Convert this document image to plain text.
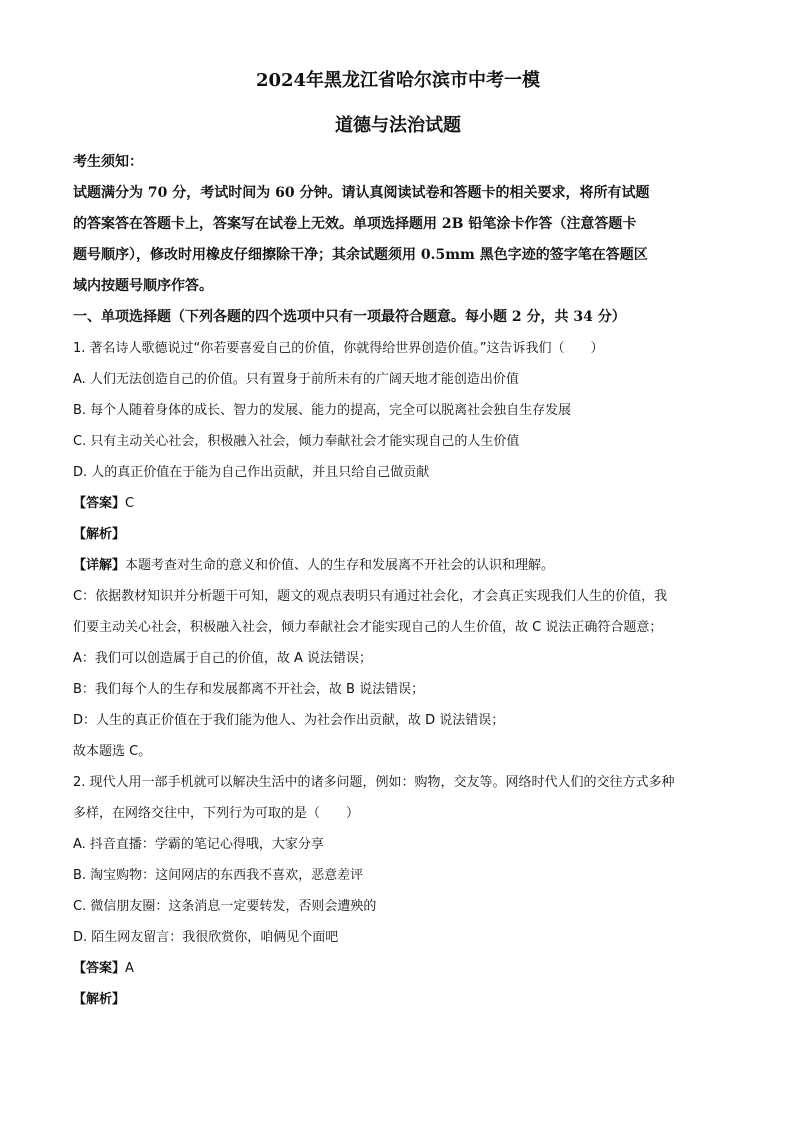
2024年黑龙江省哈尔滨市中考一模

道德与法治试题

考生须知：

试题满分为 70 分，考试时间为 60 分钟。请认真阅读试卷和答题卡的相关要求，将所有试题

的答案答在答题卡上，答案写在试卷上无效。单项选择题用 2B 铅笔涂卡作答（注意答题卡

题号顺序），修改时用橡皮仔细擦除干净；其余试题须用 0.5mm 黑色字迹的签字笔在答题区

域内按题号顺序作答。

一、单项选择题（下列各题的四个选项中只有一项最符合题意。每小题 2 分，共 34 分）

1. 著名诗人歌德说过“你若要喜爱自己的价值，你就得给世界创造价值。”这告诉我们（　　）

A. 人们无法创造自己的价值。只有置身于前所未有的广阔天地才能创造出价值

B. 每个人随着身体的成长、智力的发展、能力的提高，完全可以脱离社会独自生存发展

C. 只有主动关心社会，积极融入社会，倾力奉献社会才能实现自己的人生价值

D. 人的真正价值在于能为自己作出贡献，并且只给自己做贡献

【答案】C

【解析】

【详解】本题考查对生命的意义和价值、人的生存和发展离不开社会的认识和理解。

C：依据教材知识并分析题干可知，题文的观点表明只有通过社会化，才会真正实现我们人生的价值，我

们要主动关心社会，积极融入社会，倾力奉献社会才能实现自己的人生价值，故 C 说法正确符合题意；

A：我们可以创造属于自己的价值，故 A 说法错误；

B：我们每个人的生存和发展都离不开社会，故 B 说法错误；

D：人生的真正价值在于我们能为他人、为社会作出贡献，故 D 说法错误；

故本题选 C。

2. 现代人用一部手机就可以解决生活中的诸多问题，例如：购物，交友等。网络时代人们的交往方式多种

多样，在网络交往中，下列行为可取的是（　　）

A. 抖音直播：学霸的笔记心得哦，大家分享

B. 淘宝购物：这间网店的东西我不喜欢，恶意差评

C. 微信朋友圈：这条消息一定要转发，否则会遭殃的

D. 陌生网友留言：我很欣赏你，咱俩见个面吧

【答案】A

【解析】
